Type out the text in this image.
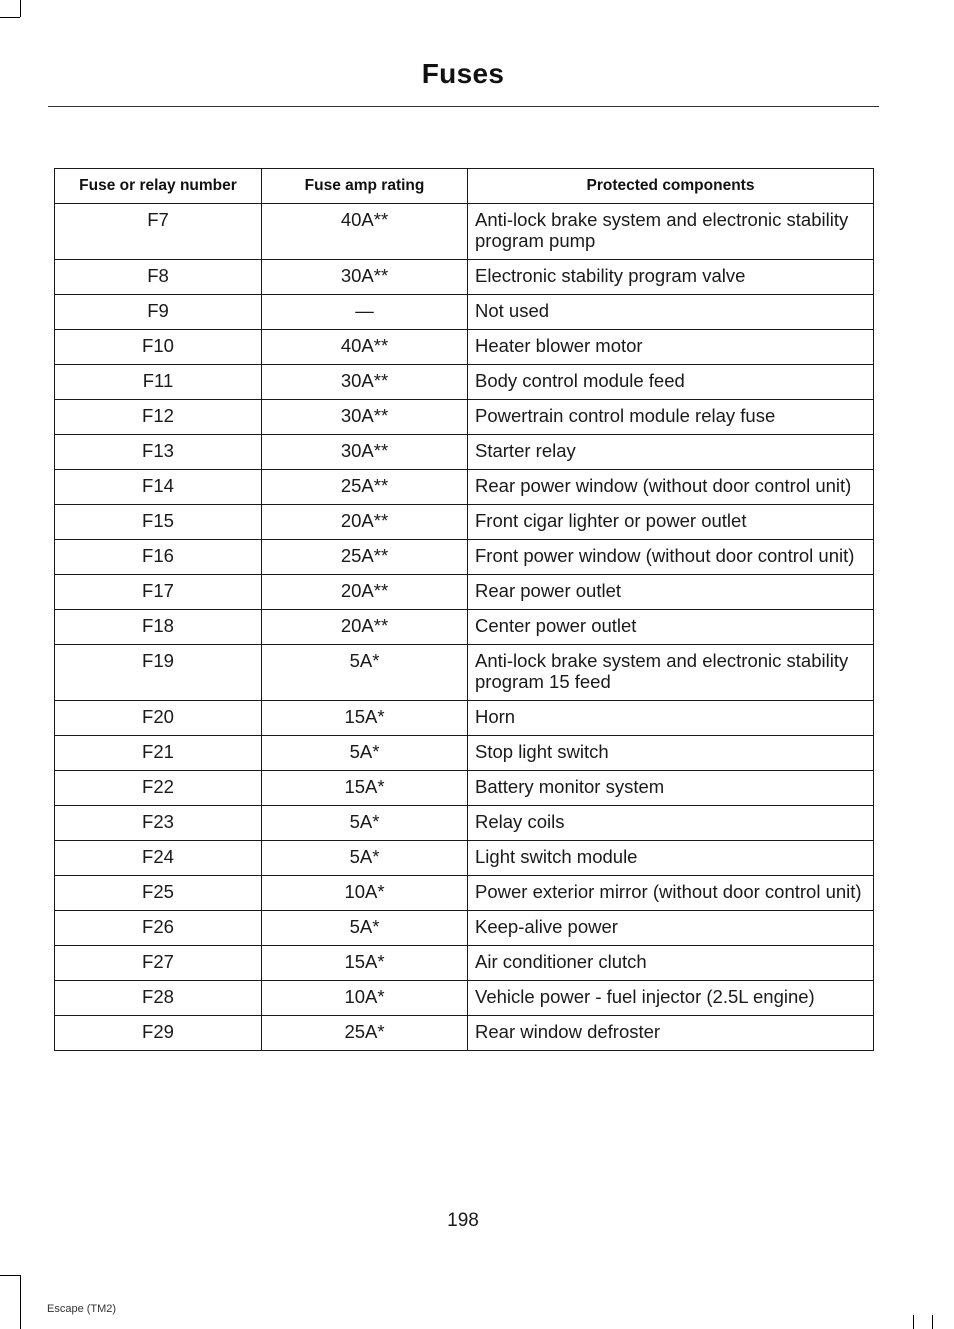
Fuses
Fuse or relay number	Fuse amp rating	Protected components
F7	40A**	Anti-lock brake system and electronic stability program pump
F8	30A**	Electronic stability program valve
F9	—	Not used
F10	40A**	Heater blower motor
F11	30A**	Body control module feed
F12	30A**	Powertrain control module relay fuse
F13	30A**	Starter relay
F14	25A**	Rear power window (without door control unit)
F15	20A**	Front cigar lighter or power outlet
F16	25A**	Front power window (without door control unit)
F17	20A**	Rear power outlet
F18	20A**	Center power outlet
F19	5A*	Anti-lock brake system and electronic stability program 15 feed
F20	15A*	Horn
F21	5A*	Stop light switch
F22	15A*	Battery monitor system
F23	5A*	Relay coils
F24	5A*	Light switch module
F25	10A*	Power exterior mirror (without door control unit)
F26	5A*	Keep-alive power
F27	15A*	Air conditioner clutch
F28	10A*	Vehicle power - fuel injector (2.5L engine)
F29	25A*	Rear window defroster
198
Escape (TM2)
